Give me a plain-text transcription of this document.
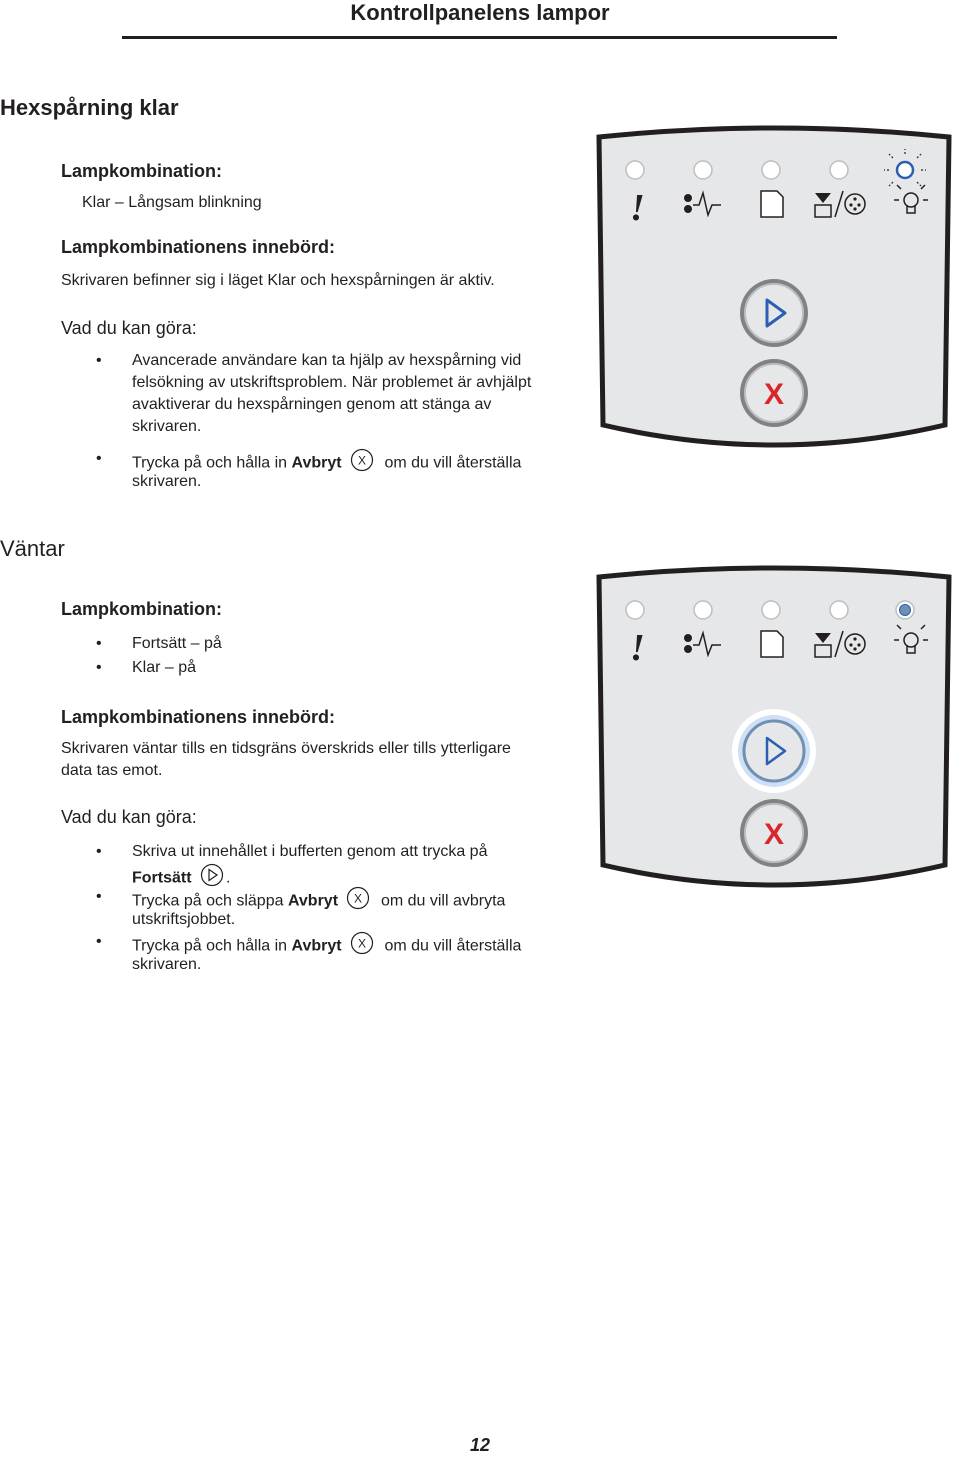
Kontrollpanelens lampor
Hexspårning klar
Lampkombination:
Klar – Långsam blinkning
Lampkombinationens innebörd:
Skrivaren befinner sig i läget Klar och hexspårningen är aktiv.
Vad du kan göra:
• Avancerade användare kan ta hjälp av hexspårning vid
felsökning av utskriftsproblem. När problemet är avhjälpt
avaktiverar du hexspårningen genom att stänga av
skrivaren.
• Trycka på och hålla in Avbryt X om du vill återställa
skrivaren.
!
X
Väntar
Lampkombination:
• Fortsätt – på
• Klar – på
Lampkombinationens innebörd:
Skrivaren väntar tills en tidsgräns överskrids eller tills ytterligare
data tas emot.
Vad du kan göra:
• Skriva ut innehållet i bufferten genom att trycka på
Fortsätt .
• Trycka på och släppa Avbryt X om du vill avbryta
utskriftsjobbet.
• Trycka på och hålla in Avbryt X om du vill återställa
skrivaren.
!
X
12
